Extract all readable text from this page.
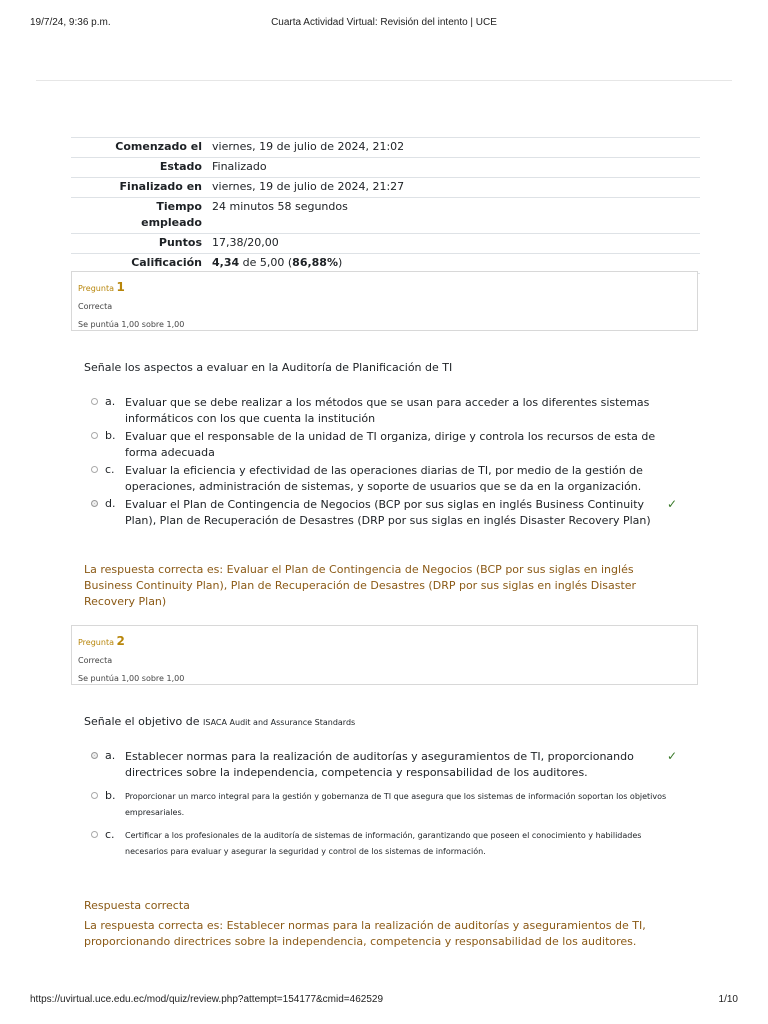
19/7/24, 9:36 p.m.	Cuarta Actividad Virtual: Revisión del intento | UCE
Comenzado el	viernes, 19 de julio de 2024, 21:02
Estado	Finalizado
Finalizado en	viernes, 19 de julio de 2024, 21:27
Tiempo empleado	24 minutos 58 segundos
Puntos	17,38/20,00
Calificación	4,34 de 5,00 (86,88%)
Pregunta 1
Correcta
Se puntúa 1,00 sobre 1,00
Señale los aspectos a evaluar en la Auditoría de Planificación de TI
a. Evaluar que se debe realizar a los métodos que se usan para acceder a los diferentes sistemas informáticos con los que cuenta la institución
b. Evaluar que el responsable de la unidad de TI organiza, dirige y controla los recursos de esta de forma adecuada
c. Evaluar la eficiencia y efectividad de las operaciones diarias de TI, por medio de la gestión de operaciones, administración de sistemas, y soporte de usuarios que se da en la organización.
d. Evaluar el Plan de Contingencia de Negocios (BCP por sus siglas en inglés Business Continuity Plan), Plan de Recuperación de Desastres (DRP por sus siglas en inglés Disaster Recovery Plan)
✓
La respuesta correcta es: Evaluar el Plan de Contingencia de Negocios (BCP por sus siglas en inglés Business Continuity Plan), Plan de Recuperación de Desastres (DRP por sus siglas en inglés Disaster Recovery Plan)
Pregunta 2
Correcta
Se puntúa 1,00 sobre 1,00
Señale el objetivo de ISACA Audit and Assurance Standards
a. Establecer normas para la realización de auditorías y aseguramientos de TI, proporcionando directrices sobre la independencia, competencia y responsabilidad de los auditores.
✓
b. Proporcionar un marco integral para la gestión y gobernanza de TI que asegura que los sistemas de información soportan los objetivos empresariales.
c. Certificar a los profesionales de la auditoría de sistemas de información, garantizando que poseen el conocimiento y habilidades necesarios para evaluar y asegurar la seguridad y control de los sistemas de información.
Respuesta correcta
La respuesta correcta es: Establecer normas para la realización de auditorías y aseguramientos de TI, proporcionando directrices sobre la independencia, competencia y responsabilidad de los auditores.
https://uvirtual.uce.edu.ec/mod/quiz/review.php?attempt=154177&cmid=462529	1/10
